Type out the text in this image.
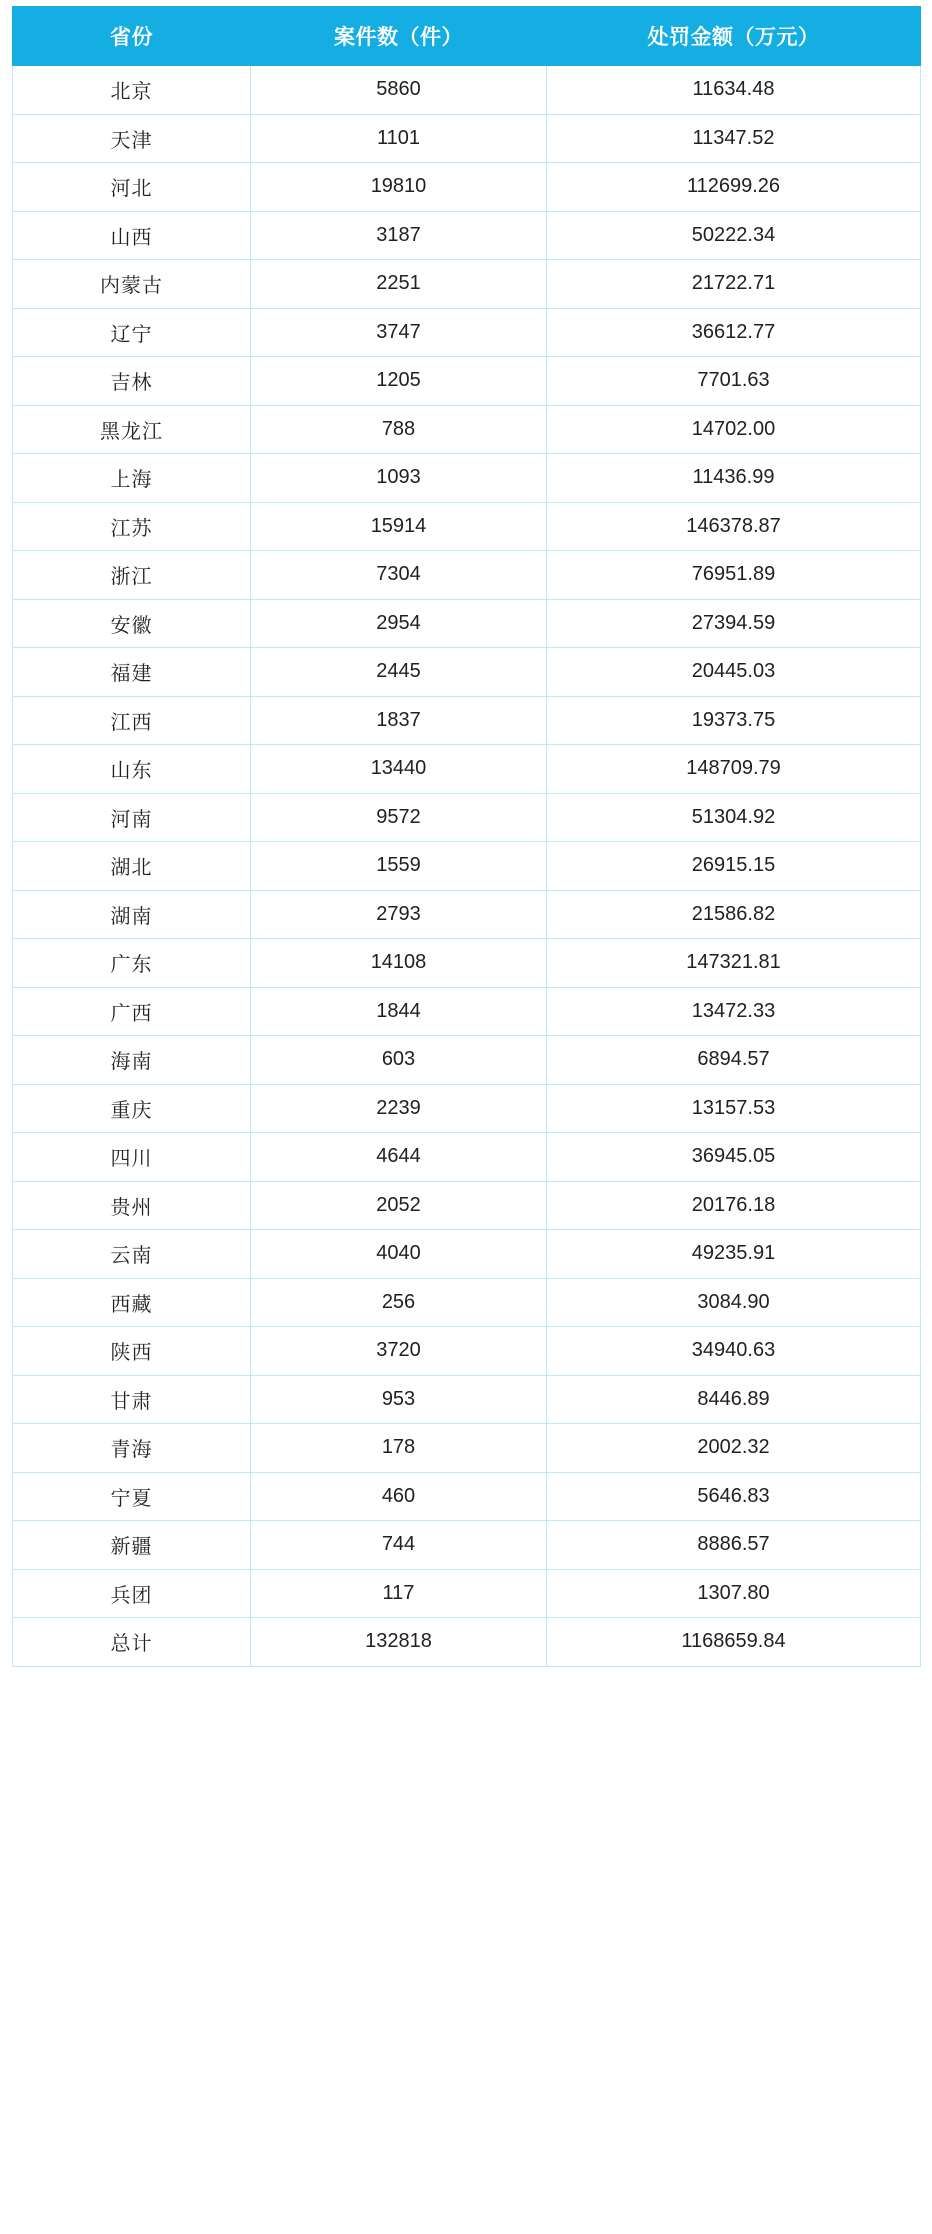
省份	案件数（件）	处罚金额（万元）
北京	5860	11634.48
天津	1101	11347.52
河北	19810	112699.26
山西	3187	50222.34
内蒙古	2251	21722.71
辽宁	3747	36612.77
吉林	1205	7701.63
黑龙江	788	14702.00
上海	1093	11436.99
江苏	15914	146378.87
浙江	7304	76951.89
安徽	2954	27394.59
福建	2445	20445.03
江西	1837	19373.75
山东	13440	148709.79
河南	9572	51304.92
湖北	1559	26915.15
湖南	2793	21586.82
广东	14108	147321.81
广西	1844	13472.33
海南	603	6894.57
重庆	2239	13157.53
四川	4644	36945.05
贵州	2052	20176.18
云南	4040	49235.91
西藏	256	3084.90
陕西	3720	34940.63
甘肃	953	8446.89
青海	178	2002.32
宁夏	460	5646.83
新疆	744	8886.57
兵团	117	1307.80
总计	132818	1168659.84
